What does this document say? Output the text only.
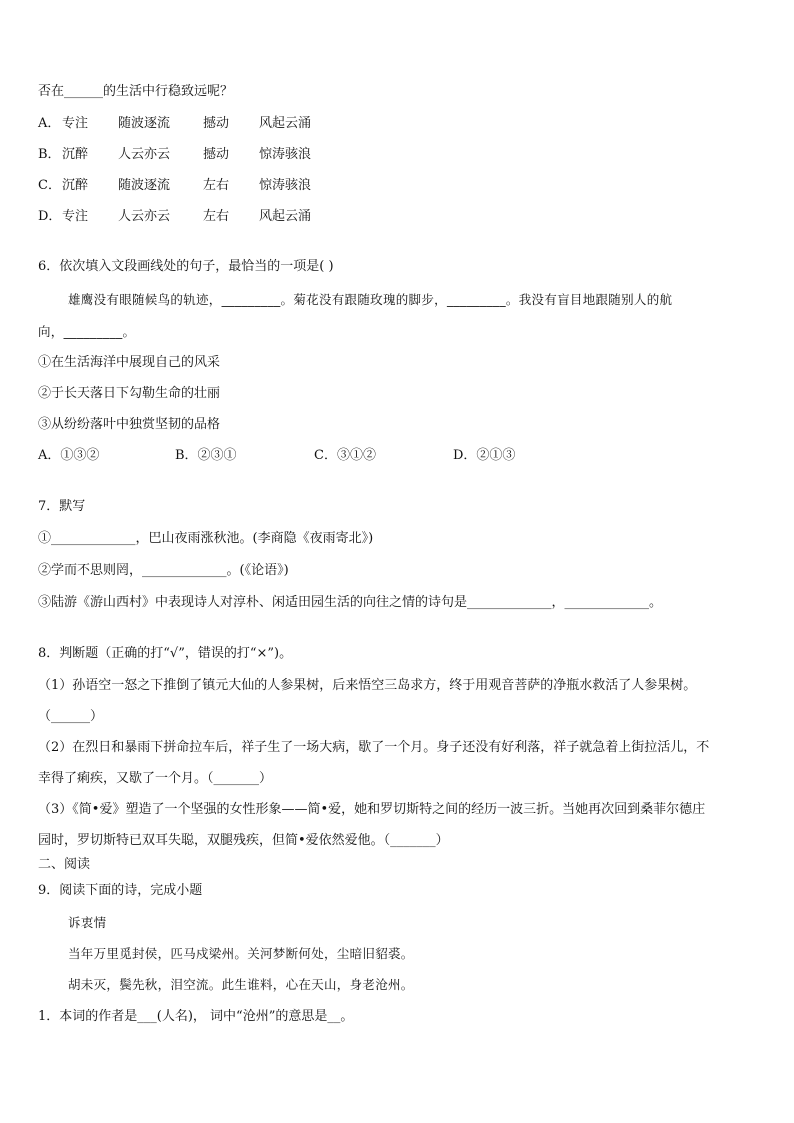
否在______的生活中行稳致远呢？
A． 专注 随波逐流	撼动 风起云涌
B． 沉醉 人云亦云	撼动 惊涛骇浪
C． 沉醉 随波逐流	左右 惊涛骇浪
D． 专注 人云亦云	左右 风起云涌
6．依次填入文段画线处的句子，最恰当的一项是( )
雄鹰没有眼随候鸟的轨迹，_________。菊花没有跟随玫瑰的脚步，_________。我没有盲目地跟随别人的航
向，_________。
①在生活海洋中展现自己的风采
②于长天落日下勾勒生命的壮丽
③从纷纷落叶中独赏坚韧的品格
A．①③②	B．②③①	C．③①②	D．②①③
7．默写
①_____________，巴山夜雨涨秋池。(李商隐《夜雨寄北》)
②学而不思则罔，_____________。(《论语》)
③陆游《游山西村》中表现诗人对淳朴、闲适田园生活的向往之情的诗句是_____________，_____________。
8．判断题（正确的打“√”，错误的打“×”)。
（1）孙语空一怒之下推倒了镇元大仙的人参果树，后来悟空三岛求方，终于用观音菩萨的净瓶水救活了人参果树。
（______）
（2）在烈日和暴雨下拼命拉车后，祥子生了一场大病，歇了一个月。身子还没有好利落，祥子就急着上街拉活儿，不
幸得了痢疾，又歇了一个月。（_______）
（3）《简•爱》塑造了一个坚强的女性形象——简•爱，她和罗切斯特之间的经历一波三折。当她再次回到桑菲尔德庄
园时，罗切斯特已双耳失聪，双腿残疾，但简•爱依然爱他。（_______）
二、阅读
9．阅读下面的诗，完成小题
诉衷情
当年万里觅封侯，匹马戍梁州。关河梦断何处，尘暗旧貂裘。
胡未灭，鬓先秋，泪空流。此生谁料，心在天山，身老沧州。
1．本词的作者是___(人名)， 词中“沧州”的意思是__。
